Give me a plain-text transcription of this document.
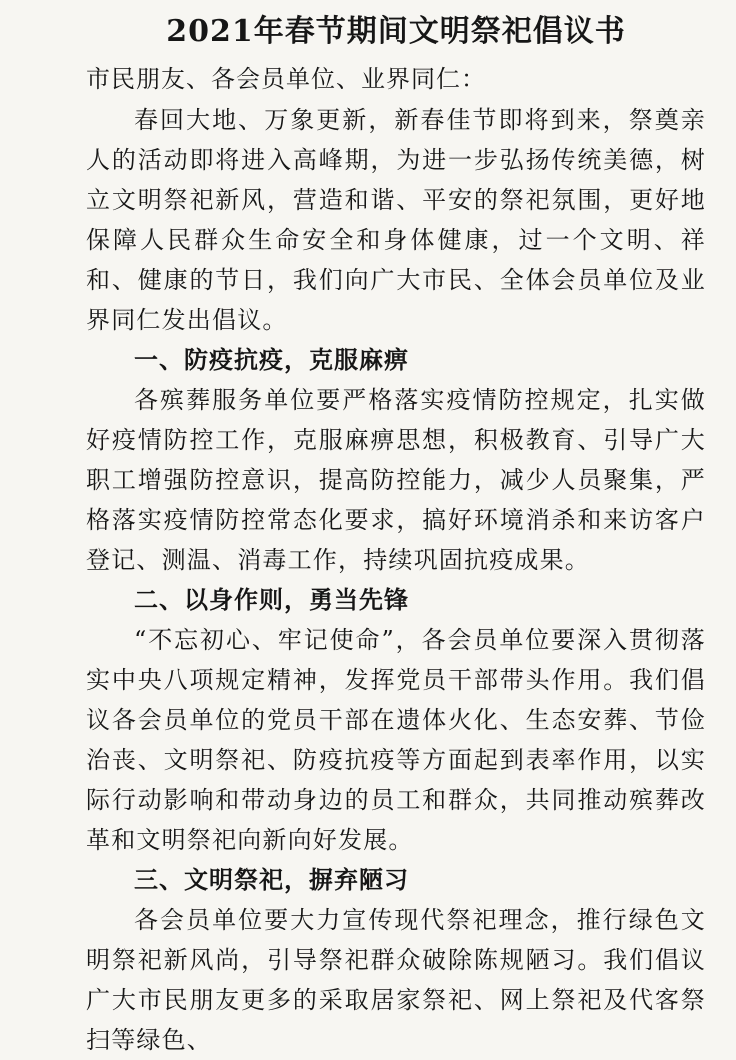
2021年春节期间文明祭祀倡议书

市民朋友、各会员单位、业界同仁：

春回大地、万象更新，新春佳节即将到来，祭奠亲人的活动即将进入高峰期，为进一步弘扬传统美德，树立文明祭祀新风，营造和谐、平安的祭祀氛围，更好地保障人民群众生命安全和身体健康，过一个文明、祥和、健康的节日，我们向广大市民、全体会员单位及业界同仁发出倡议。

一、防疫抗疫，克服麻痹

各殡葬服务单位要严格落实疫情防控规定，扎实做好疫情防控工作，克服麻痹思想，积极教育、引导广大职工增强防控意识，提高防控能力，减少人员聚集，严格落实疫情防控常态化要求，搞好环境消杀和来访客户登记、测温、消毒工作，持续巩固抗疫成果。

二、以身作则，勇当先锋

“不忘初心、牢记使命”，各会员单位要深入贯彻落实中央八项规定精神，发挥党员干部带头作用。我们倡议各会员单位的党员干部在遗体火化、生态安葬、节俭治丧、文明祭祀、防疫抗疫等方面起到表率作用，以实际行动影响和带动身边的员工和群众，共同推动殡葬改革和文明祭祀向新向好发展。

三、文明祭祀，摒弃陋习

各会员单位要大力宣传现代祭祀理念，推行绿色文明祭祀新风尚，引导祭祀群众破除陈规陋习。我们倡议广大市民朋友更多的采取居家祭祀、网上祭祀及代客祭扫等绿色、
